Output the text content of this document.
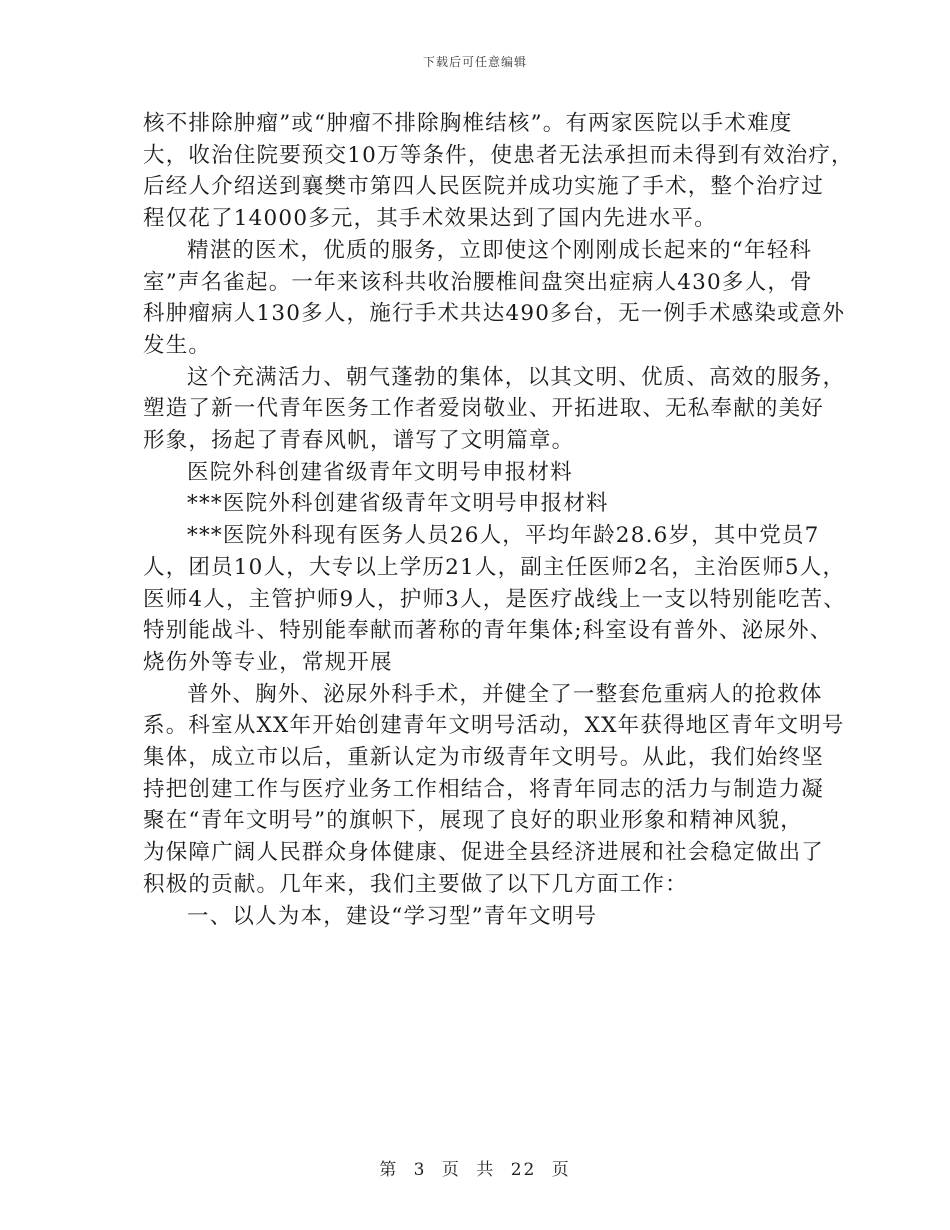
下载后可任意编辑
核不排除肿瘤”或“肿瘤不排除胸椎结核”。有两家医院以手术难度
大，收治住院要预交10万等条件，使患者无法承担而未得到有效治疗，
后经人介绍送到襄樊市第四人民医院并成功实施了手术，整个治疗过
程仅花了14000多元，其手术效果达到了国内先进水平。
精湛的医术，优质的服务，立即使这个刚刚成长起来的“年轻科
室”声名雀起。一年来该科共收治腰椎间盘突出症病人430多人，骨
科肿瘤病人130多人，施行手术共达490多台，无一例手术感染或意外
发生。
这个充满活力、朝气蓬勃的集体，以其文明、优质、高效的服务，
塑造了新一代青年医务工作者爱岗敬业、开拓进取、无私奉献的美好
形象，扬起了青春风帆，谱写了文明篇章。
医院外科创建省级青年文明号申报材料
***医院外科创建省级青年文明号申报材料
***医院外科现有医务人员26人，平均年龄28.6岁，其中党员7
人，团员10人，大专以上学历21人，副主任医师2名，主治医师5人，
医师4人，主管护师9人，护师3人，是医疗战线上一支以特别能吃苦、
特别能战斗、特别能奉献而著称的青年集体;科室设有普外、泌尿外、
烧伤外等专业，常规开展
普外、胸外、泌尿外科手术，并健全了一整套危重病人的抢救体
系。科室从XX年开始创建青年文明号活动，XX年获得地区青年文明号
集体，成立市以后，重新认定为市级青年文明号。从此，我们始终坚
持把创建工作与医疗业务工作相结合，将青年同志的活力与制造力凝
聚在“青年文明号”的旗帜下，展现了良好的职业形象和精神风貌，
为保障广阔人民群众身体健康、促进全县经济进展和社会稳定做出了
积极的贡献。几年来，我们主要做了以下几方面工作：
一、以人为本，建设“学习型”青年文明号
第 3 页 共 22 页
